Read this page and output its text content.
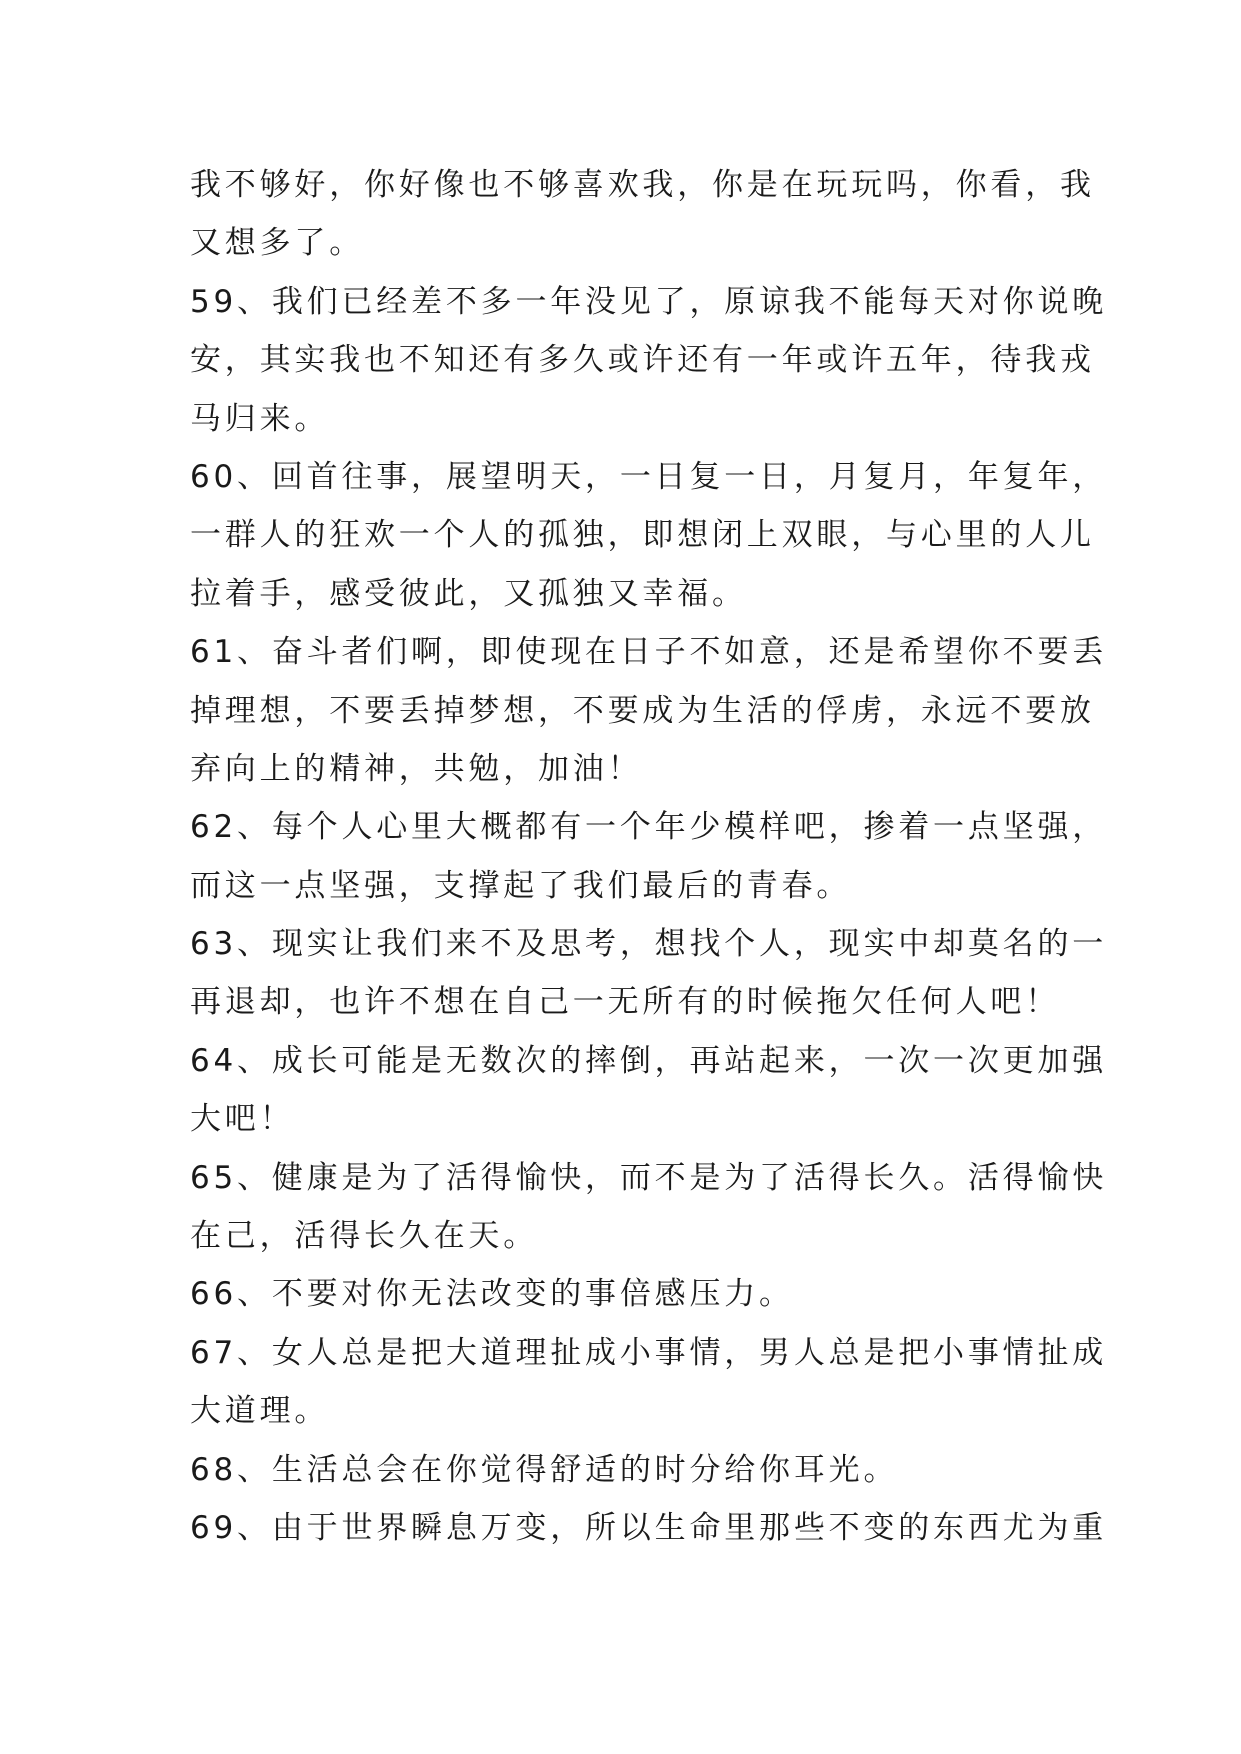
我不够好，你好像也不够喜欢我，你是在玩玩吗，你看，我
又想多了。
59、我们已经差不多一年没见了，原谅我不能每天对你说晚
安，其实我也不知还有多久或许还有一年或许五年，待我戎
马归来。
60、回首往事，展望明天，一日复一日，月复月，年复年，
一群人的狂欢一个人的孤独，即想闭上双眼，与心里的人儿
拉着手，感受彼此，又孤独又幸福。
61、奋斗者们啊，即使现在日子不如意，还是希望你不要丢
掉理想，不要丢掉梦想，不要成为生活的俘虏，永远不要放
弃向上的精神，共勉，加油！
62、每个人心里大概都有一个年少模样吧，掺着一点坚强，
而这一点坚强，支撑起了我们最后的青春。
63、现实让我们来不及思考，想找个人，现实中却莫名的一
再退却，也许不想在自己一无所有的时候拖欠任何人吧！
64、成长可能是无数次的摔倒，再站起来，一次一次更加强
大吧！
65、健康是为了活得愉快，而不是为了活得长久。活得愉快
在己，活得长久在天。
66、不要对你无法改变的事倍感压力。
67、女人总是把大道理扯成小事情，男人总是把小事情扯成
大道理。
68、生活总会在你觉得舒适的时分给你耳光。
69、由于世界瞬息万变，所以生命里那些不变的东西尤为重
